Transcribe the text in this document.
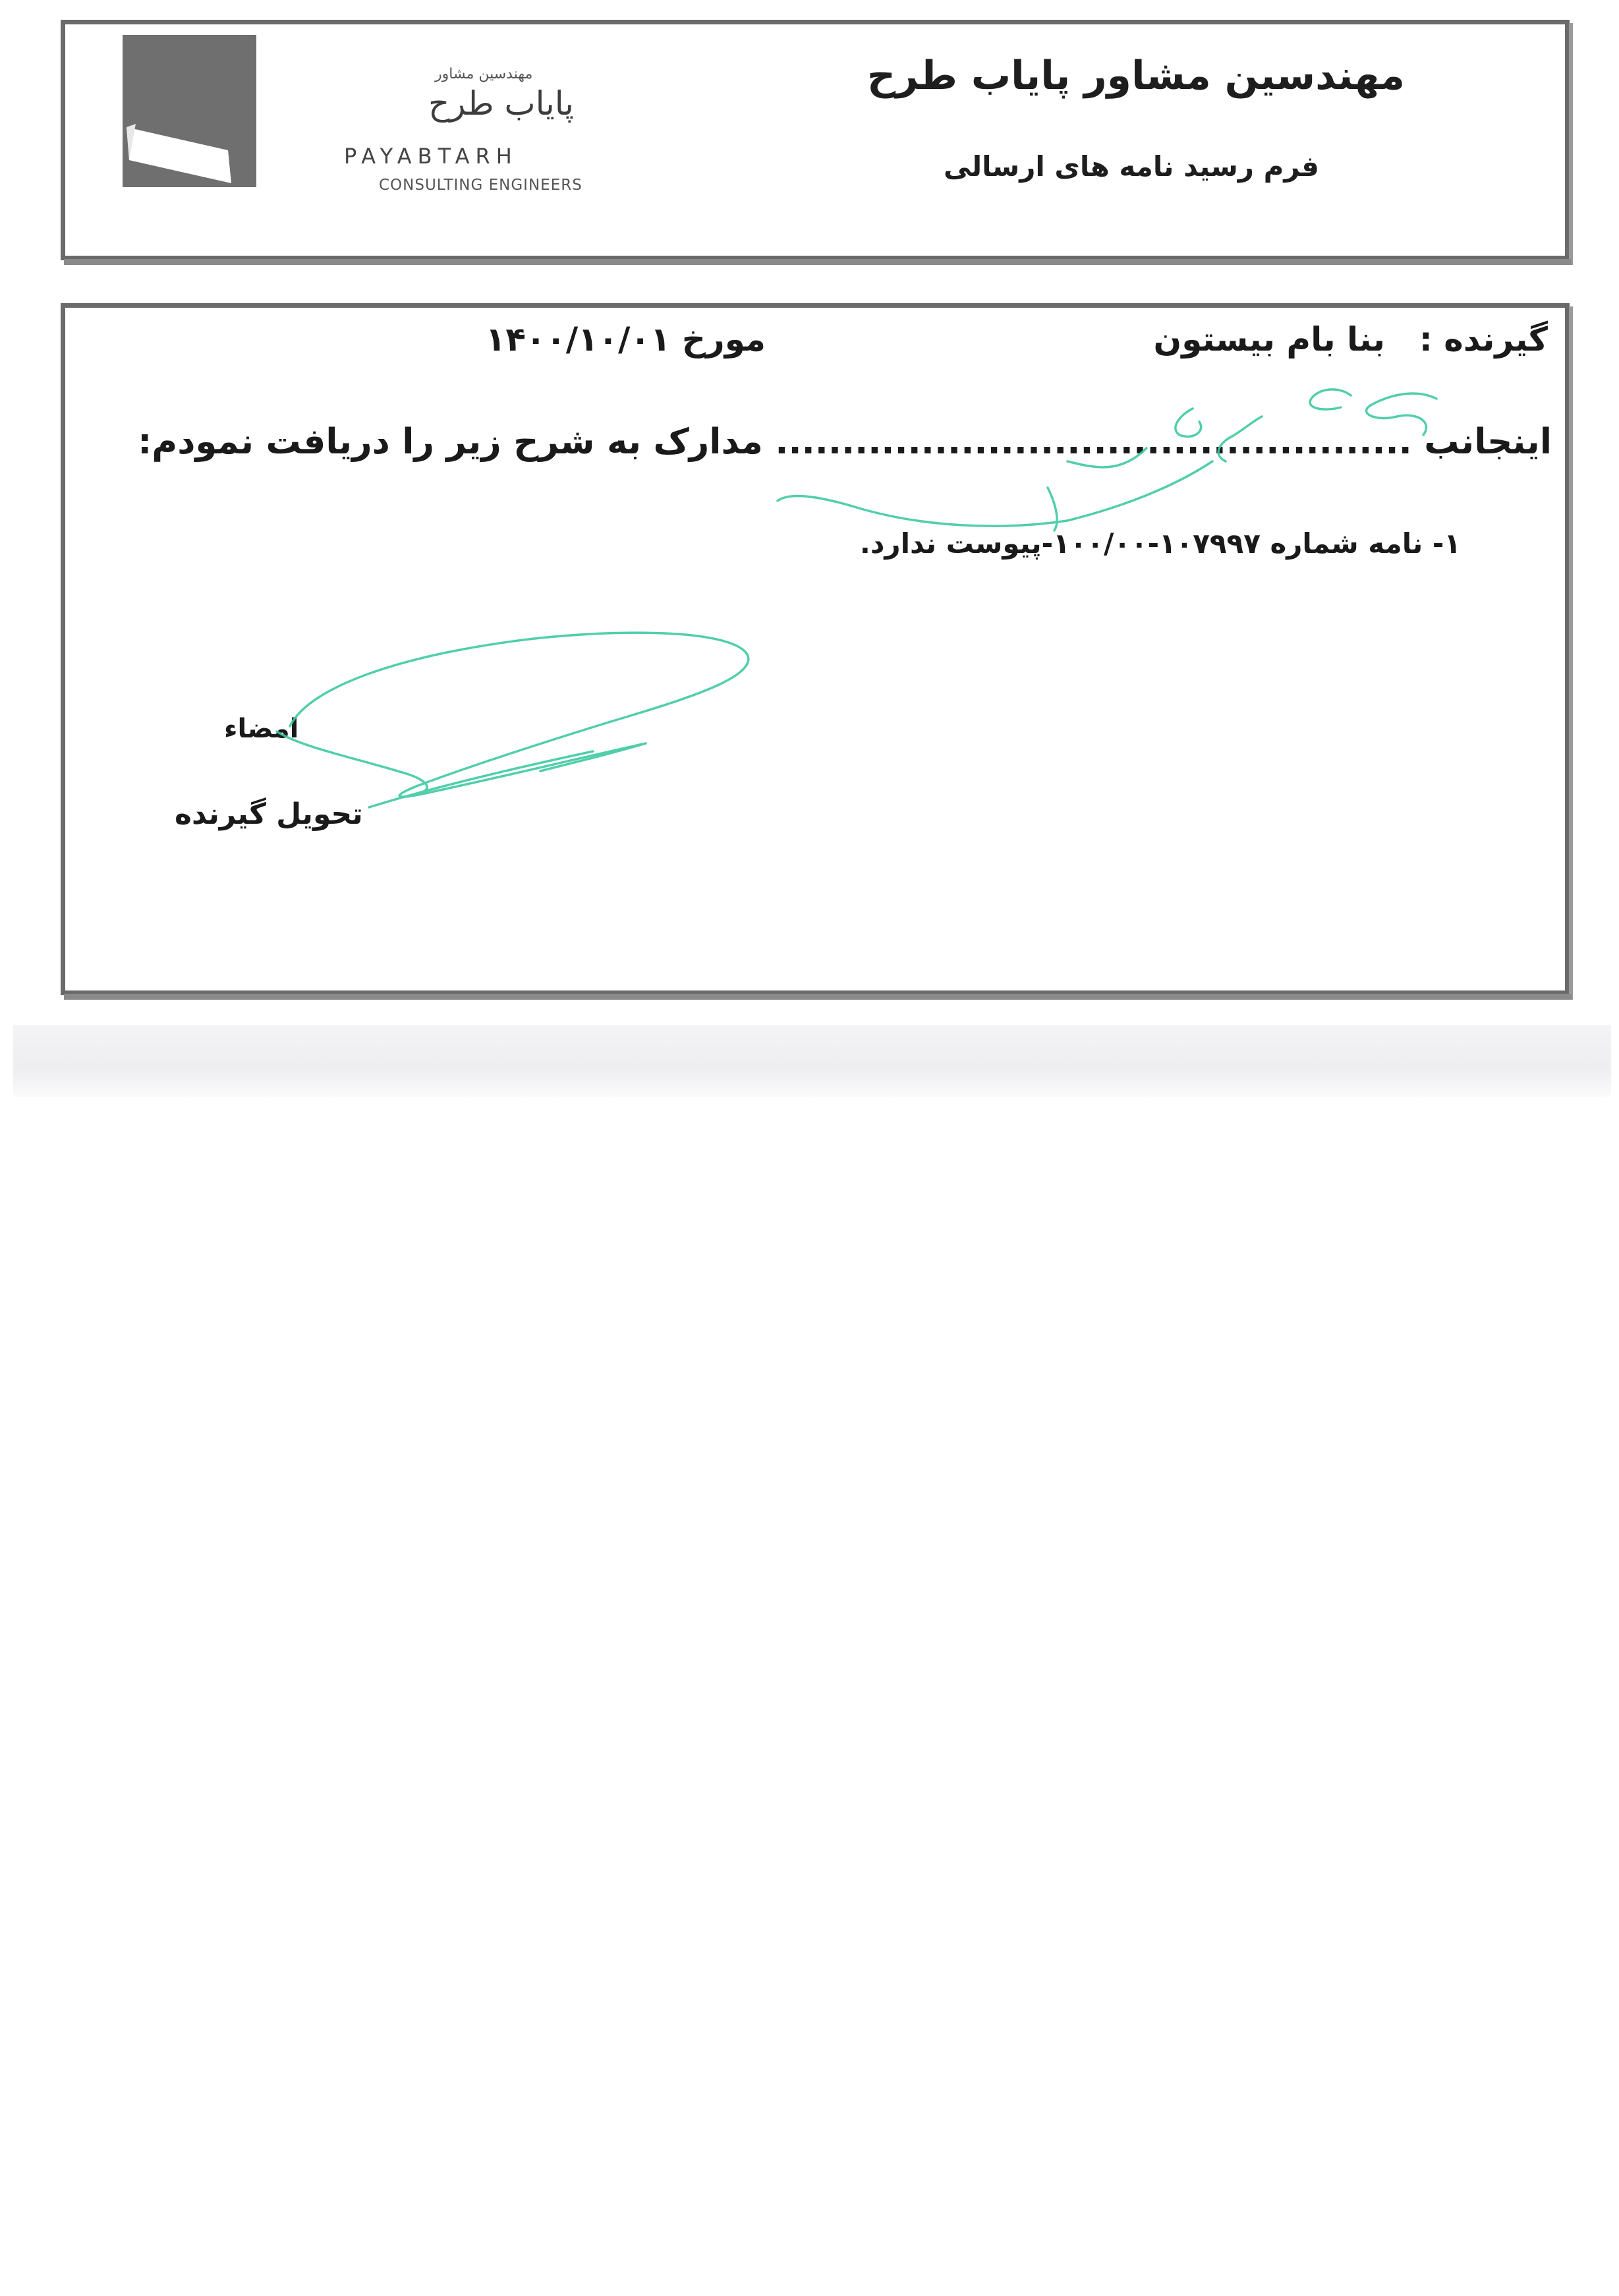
مهندسین مشاور
پایاب طرح
PAYABTARH
CONSULTING ENGINEERS
مهندسین مشاور پایاب طرح
فرم رسید نامه های ارسالی
گیرنده :
بنا بام بیستون
مورخ ۱۴۰۰/۱۰/۰۱
اینجانب ................................................ مدارک به شرح زیر را دریافت نمودم:
۱- نامه شماره ۱۰۷۹۹۷-۱۰۰/۰۰-پیوست ندارد.
امضاء
تحویل گیرنده
